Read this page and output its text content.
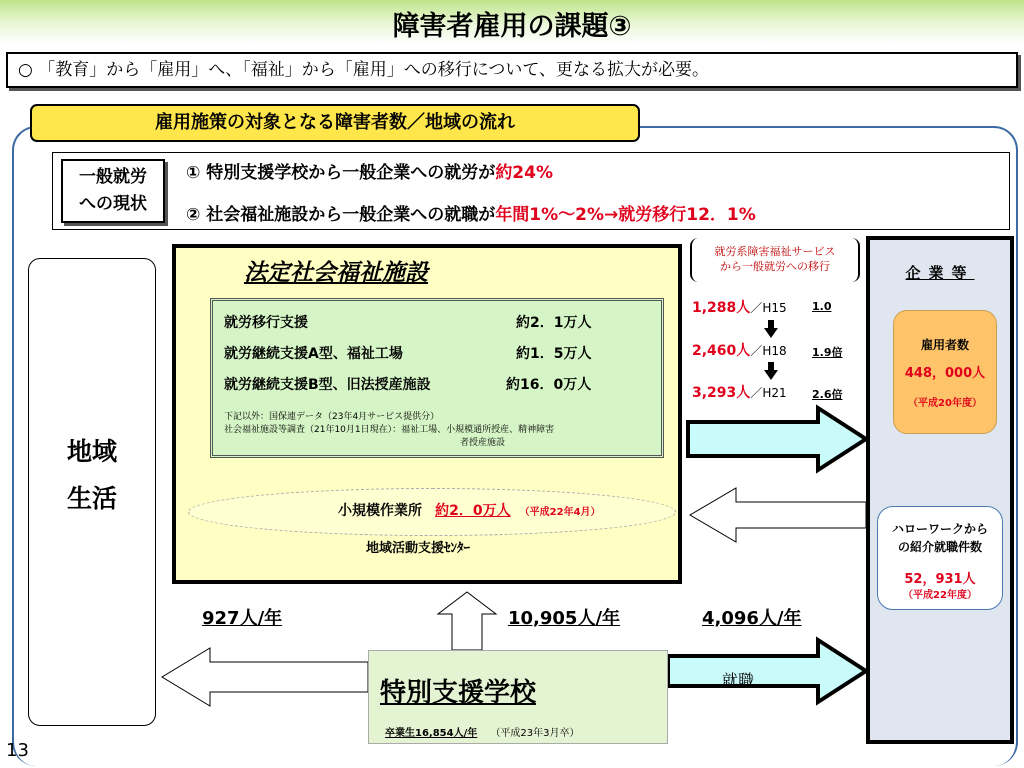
障害者雇用の課題③
○ 「教育」から「雇用」へ、「福祉」から「雇用」への移行について、更なる拡大が必要。
雇用施策の対象となる障害者数／地域の流れ
一般就労
への現状
① 特別支援学校から一般企業への就労が約24%
② 社会福祉施設から一般企業への就職が年間1%～2%→就労移行12．1%
地域
生活
法定社会福祉施設
就労移行支援	約2．1万人
就労継続支援A型、福祉工場	約1．5万人
就労継続支援B型、旧法授産施設	約16．0万人
下記以外：国保連データ（23年4月サービス提供分）
社会福祉施設等調査（21年10月1日現在）：福祉工場、小規模通所授産、精神障害
者授産施設
小規模作業所 約2．0万人 （平成22年4月）
地域活動支援ｾﾝﾀｰ
就労系障害福祉サービス
から一般就労への移行
1,288人／H15 1.0
2,460人／H18 1.9倍
3,293人／H21 2.6倍
企業等
雇用者数
448，000人
（平成20年度）
ハローワークから
の紹介就職件数
52，931人
（平成22年度）
就職
927人/年	10,905人/年	4,096人/年
特別支援学校
卒業生16,854人/年 （平成23年3月卒）
13
